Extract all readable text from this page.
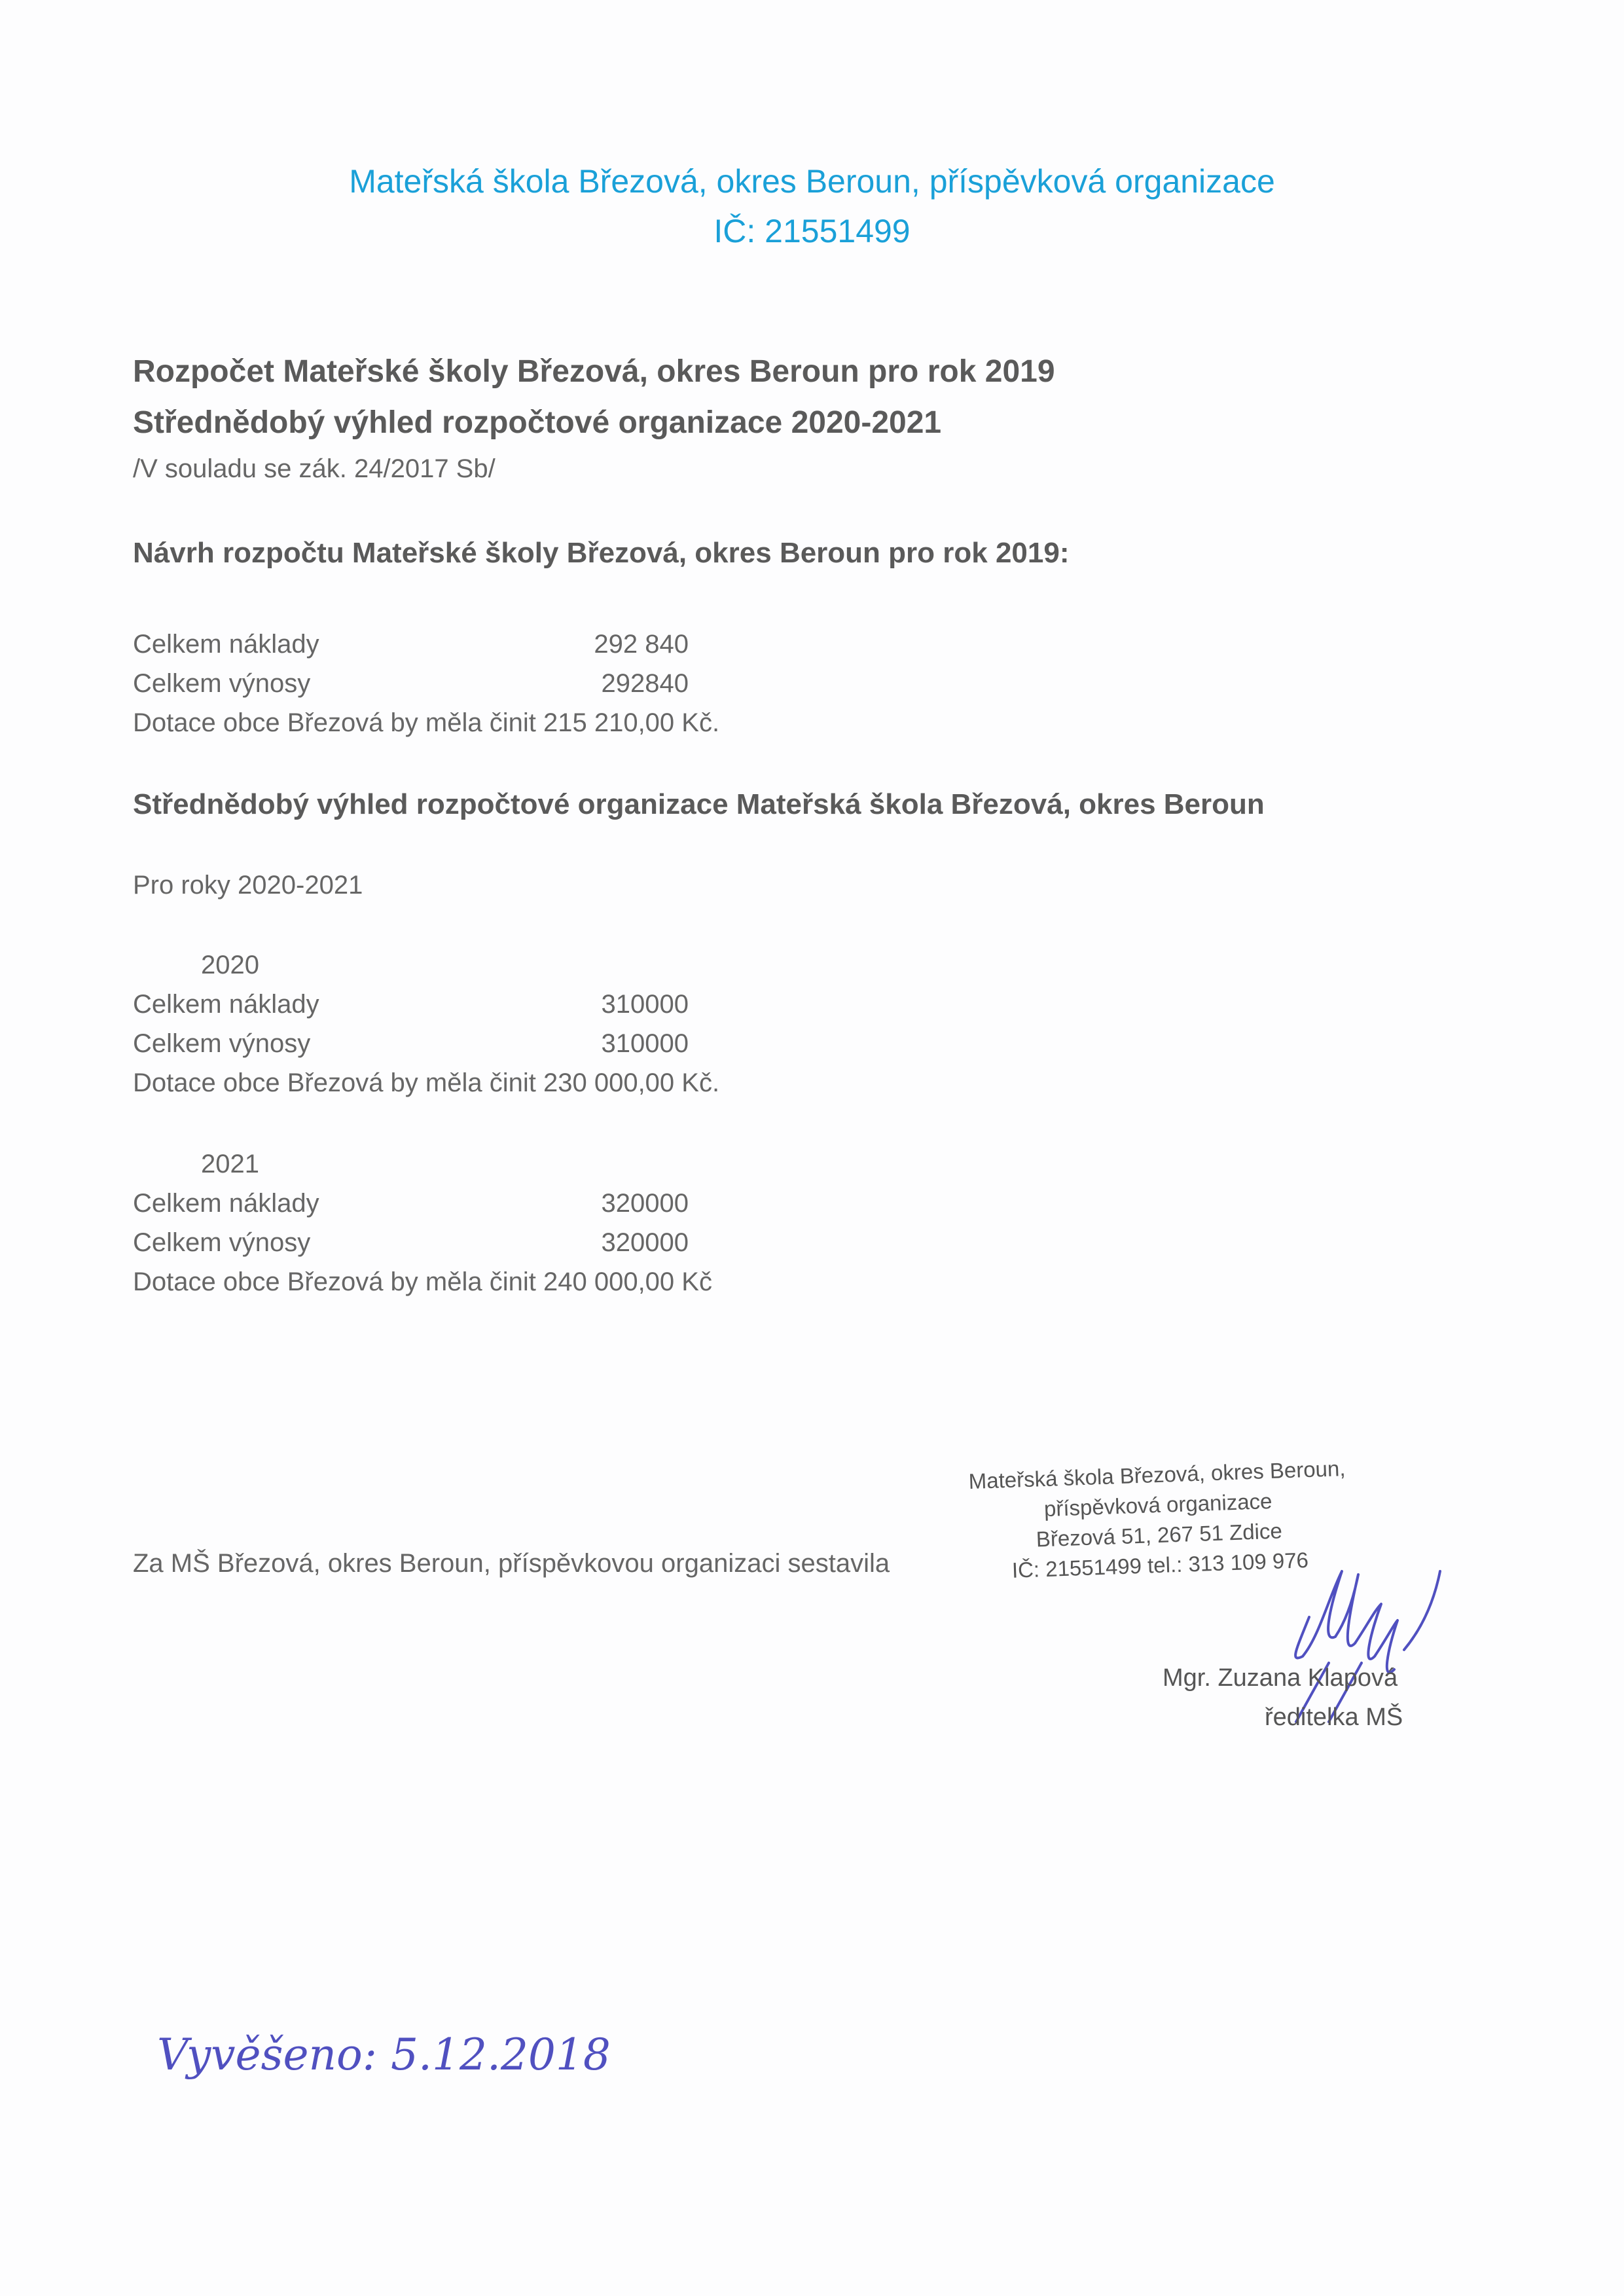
Mateřská škola Březová, okres Beroun, příspěvková organizace
IČ: 21551499
Rozpočet Mateřské školy Březová, okres Beroun pro rok 2019
Střednědobý výhled rozpočtové organizace 2020-2021
/V souladu se zák. 24/2017 Sb/
Návrh rozpočtu Mateřské školy Březová, okres Beroun pro rok 2019:
Celkem náklady	292 840
Celkem výnosy	292840
Dotace obce Březová by měla činit 215 210,00 Kč.
Střednědobý výhled rozpočtové organizace Mateřská škola Březová, okres Beroun
Pro roky 2020-2021
2020
Celkem náklady	310000
Celkem výnosy	310000
Dotace obce Březová by měla činit 230 000,00 Kč.
2021
Celkem náklady	320000
Celkem výnosy	320000
Dotace obce Březová by měla činit 240 000,00 Kč
Za MŠ Březová, okres Beroun, příspěvkovou organizaci sestavila
Mateřská škola Březová, okres Beroun,
příspěvková organizace
Březová 51, 267 51 Zdice
IČ: 21551499 tel.: 313 109 976
Mgr. Zuzana Klapová
ředitelka MŠ
Vyvěšeno: 5.12.2018
